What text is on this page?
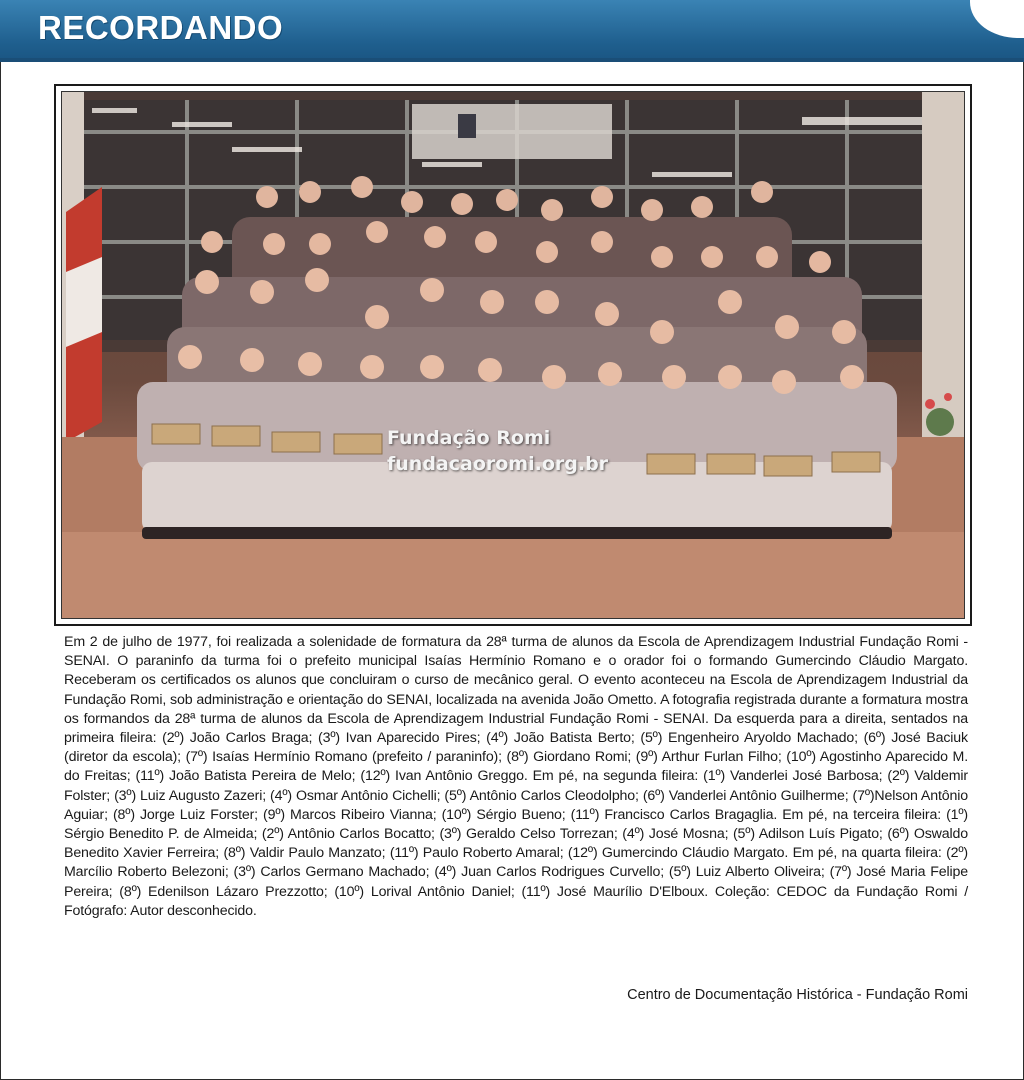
RECORDANDO
Fundação Romi
fundacaoromi.org.br
Em 2 de julho de 1977, foi realizada a solenidade de formatura da 28ª turma de alunos da Escola de Aprendizagem Industrial Fundação Romi - SENAI. O paraninfo da turma foi o prefeito municipal Isaías Hermínio Romano e o orador foi o formando Gumercindo Cláudio Margato. Receberam os certificados os alunos que concluiram o curso de mecânico geral. O evento aconteceu na Escola de Aprendizagem Industrial da Fundação Romi, sob administração e orientação do SENAI, localizada na avenida João Ometto. A fotografia registrada durante a formatura mostra os formandos da 28ª turma de alunos da Escola de Aprendizagem Industrial Fundação Romi - SENAI. Da esquerda para a direita, sentados na primeira fileira: (2º) João Carlos Braga; (3º) Ivan Aparecido Pires; (4º) João Batista Berto; (5º) Engenheiro Aryoldo Machado; (6º) José Baciuk (diretor da escola); (7º) Isaías Hermínio Romano (prefeito / paraninfo); (8º) Giordano Romi; (9º) Arthur Furlan Filho; (10º) Agostinho Aparecido M. do Freitas; (11º) João Batista Pereira de Melo; (12º) Ivan Antônio Greggo. Em pé, na segunda fileira: (1º) Vanderlei José Barbosa; (2º) Valdemir Folster; (3º) Luiz Augusto Zazeri; (4º) Osmar Antônio Cichelli; (5º) Antônio Carlos Cleodolpho; (6º) Vanderlei Antônio Guilherme; (7º)Nelson Antônio Aguiar; (8º) Jorge Luiz Forster; (9º) Marcos Ribeiro Vianna; (10º) Sérgio Bueno; (11º) Francisco Carlos Bragaglia. Em pé, na terceira fileira: (1º) Sérgio Benedito P. de Almeida; (2º) Antônio Carlos Bocatto; (3º) Geraldo Celso Torrezan; (4º) José Mosna; (5º) Adilson Luís Pigato; (6º) Oswaldo Benedito Xavier Ferreira; (8º) Valdir Paulo Manzato; (11º) Paulo Roberto Amaral; (12º) Gumercindo Cláudio Margato. Em pé, na quarta fileira: (2º) Marcílio Roberto Belezoni; (3º) Carlos Germano Machado; (4º) Juan Carlos Rodrigues Curvello; (5º) Luiz Alberto Oliveira; (7º) José Maria Felipe Pereira; (8º) Edenilson Lázaro Prezzotto; (10º) Lorival Antônio Daniel; (11º) José Maurílio D'Elboux. Coleção: CEDOC da Fundação Romi / Fotógrafo: Autor desconhecido.
Centro de Documentação Histórica - Fundação Romi
